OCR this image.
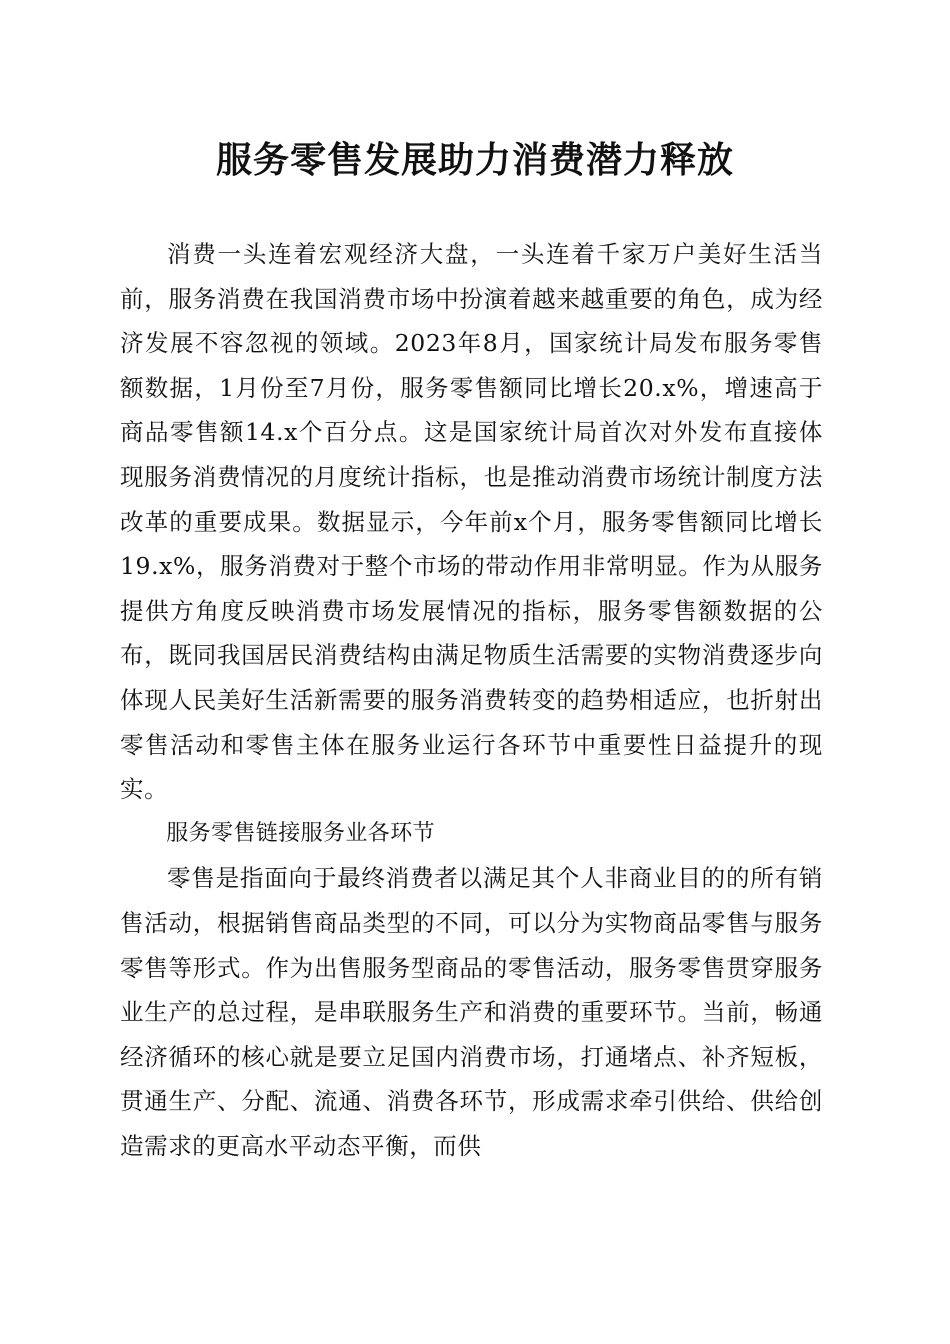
服务零售发展助力消费潜力释放

消费一头连着宏观经济大盘，一头连着千家万户美好生活当前，服务消费在我国消费市场中扮演着越来越重要的角色，成为经济发展不容忽视的领域。2023年8月，国家统计局发布服务零售额数据，1月份至7月份，服务零售额同比增长20.x%，增速高于商品零售额14.x个百分点。这是国家统计局首次对外发布直接体现服务消费情况的月度统计指标，也是推动消费市场统计制度方法改革的重要成果。数据显示，今年前x个月，服务零售额同比增长19.x%，服务消费对于整个市场的带动作用非常明显。作为从服务提供方角度反映消费市场发展情况的指标，服务零售额数据的公布，既同我国居民消费结构由满足物质生活需要的实物消费逐步向体现人民美好生活新需要的服务消费转变的趋势相适应，也折射出零售活动和零售主体在服务业运行各环节中重要性日益提升的现实。

服务零售链接服务业各环节

零售是指面向于最终消费者以满足其个人非商业目的的所有销售活动，根据销售商品类型的不同，可以分为实物商品零售与服务零售等形式。作为出售服务型商品的零售活动，服务零售贯穿服务业生产的总过程，是串联服务生产和消费的重要环节。当前，畅通经济循环的核心就是要立足国内消费市场，打通堵点、补齐短板，贯通生产、分配、流通、消费各环节，形成需求牵引供给、供给创造需求的更高水平动态平衡，而供
